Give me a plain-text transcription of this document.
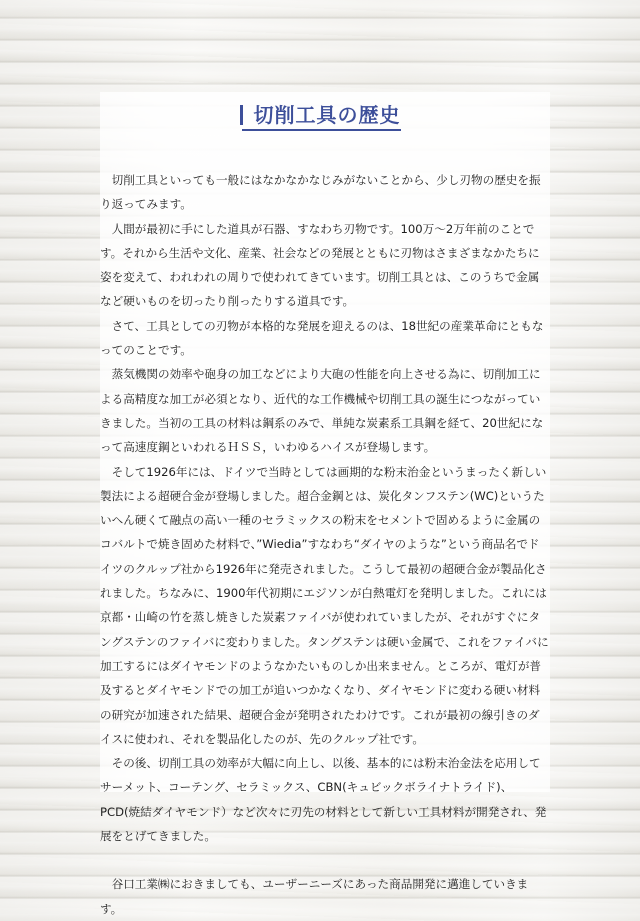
切削工具の歴史

切削工具といっても一般にはなかなかなじみがないことから、少し刃物の歴史を振り返ってみます。

人間が最初に手にした道具が石器、すなわち刃物です。100万〜2万年前のことです。それから生活や文化、産業、社会などの発展とともに刃物はさまざまなかたちに姿を変えて、われわれの周りで使われてきています。切削工具とは、このうちで金属など硬いものを切ったり削ったりする道具です。

さて、工具としての刃物が本格的な発展を迎えるのは、18世紀の産業革命にともなってのことです。

蒸気機関の効率や砲身の加工などにより大砲の性能を向上させる為に、切削加工による高精度な加工が必須となり、近代的な工作機械や切削工具の誕生につながっていきました。当初の工具の材料は鋼系のみで、単純な炭素系工具鋼を経て、20世紀になって高速度鋼といわれるＨＳＳ，いわゆるハイスが登場します。

そして1926年には、ドイツで当時としては画期的な粉末治金というまったく新しい製法による超硬合金が登場しました。超合金鋼とは、炭化タンフステン(WC)というたいへん硬くて融点の高い一種のセラミックスの粉末をセメントで固めるように金属のコバルトで焼き固めた材料で、”Wiedia”すなわち“ダイヤのような”という商品名でドイツのクルップ社から1926年に発売されました。こうして最初の超硬合金が製品化されました。ちなみに、1900年代初期にエジソンが白熱電灯を発明しました。これには京都・山崎の竹を蒸し焼きした炭素ファイバが使われていましたが、それがすぐにタングステンのファイバに変わりました。タングステンは硬い金属で、これをファイバに加工するにはダイヤモンドのようなかたいものしか出来ません。ところが、電灯が普及するとダイヤモンドでの加工が追いつかなくなり、ダイヤモンドに変わる硬い材料の研究が加速された結果、超硬合金が発明されたわけです。これが最初の線引きのダイスに使われ、それを製品化したのが、先のクルップ社です。

その後、切削工具の効率が大幅に向上し、以後、基本的には粉末治金法を応用してサーメット、コーテング、セラミックス、CBN(キュビックボライナトライド)、PCD(焼結ダイヤモンド）など次々に刃先の材料として新しい工具材料が開発され、発展をとげてきました。

谷口工業㈱におきましても、ユーザーニーズにあった商品開発に邁進していきます。
